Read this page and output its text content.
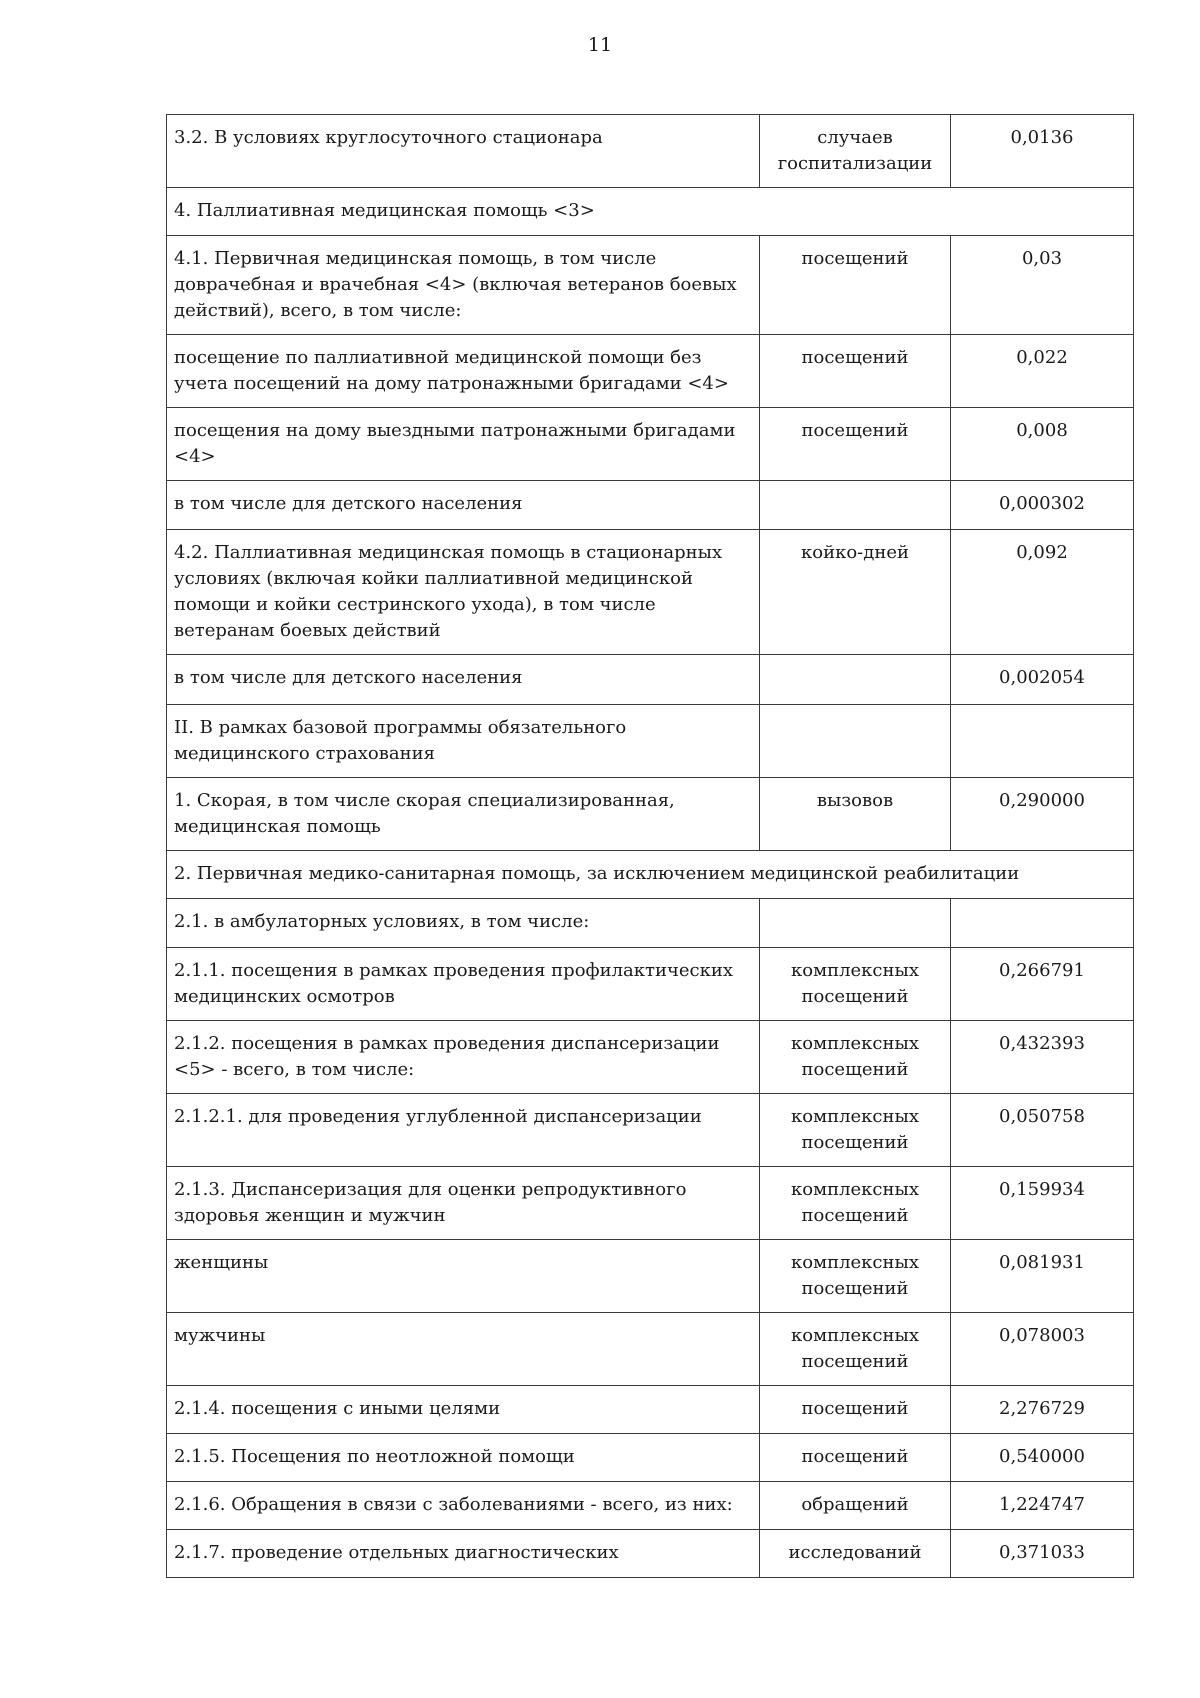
11
3.2. В условиях круглосуточного стационара	случаев госпитализации	0,0136
4. Паллиативная медицинская помощь <3>		
4.1. Первичная медицинская помощь, в том числе доврачебная и врачебная <4> (включая ветеранов боевых действий), всего, в том числе:	посещений	0,03
посещение по паллиативной медицинской помощи без учета посещений на дому патронажными бригадами <4>	посещений	0,022
посещения на дому выездными патронажными бригадами <4>	посещений	0,008
в том числе для детского населения		0,000302
4.2. Паллиативная медицинская помощь в стационарных условиях (включая койки паллиативной медицинской помощи и койки сестринского ухода), в том числе ветеранам боевых действий	койко-дней	0,092
в том числе для детского населения		0,002054
II. В рамках базовой программы обязательного медицинского страхования		
1. Скорая, в том числе скорая специализированная, медицинская помощь	вызовов	0,290000
2. Первичная медико-санитарная помощь, за исключением медицинской реабилитации		
2.1. в амбулаторных условиях, в том числе:		
2.1.1. посещения в рамках проведения профилактических медицинских осмотров	комплексных посещений	0,266791
2.1.2. посещения в рамках проведения диспансеризации <5> - всего, в том числе:	комплексных посещений	0,432393
2.1.2.1. для проведения углубленной диспансеризации	комплексных посещений	0,050758
2.1.3. Диспансеризация для оценки репродуктивного здоровья женщин и мужчин	комплексных посещений	0,159934
женщины	комплексных посещений	0,081931
мужчины	комплексных посещений	0,078003
2.1.4. посещения с иными целями	посещений	2,276729
2.1.5. Посещения по неотложной помощи	посещений	0,540000
2.1.6. Обращения в связи с заболеваниями - всего, из них:	обращений	1,224747
2.1.7. проведение отдельных диагностических	исследований	0,371033
